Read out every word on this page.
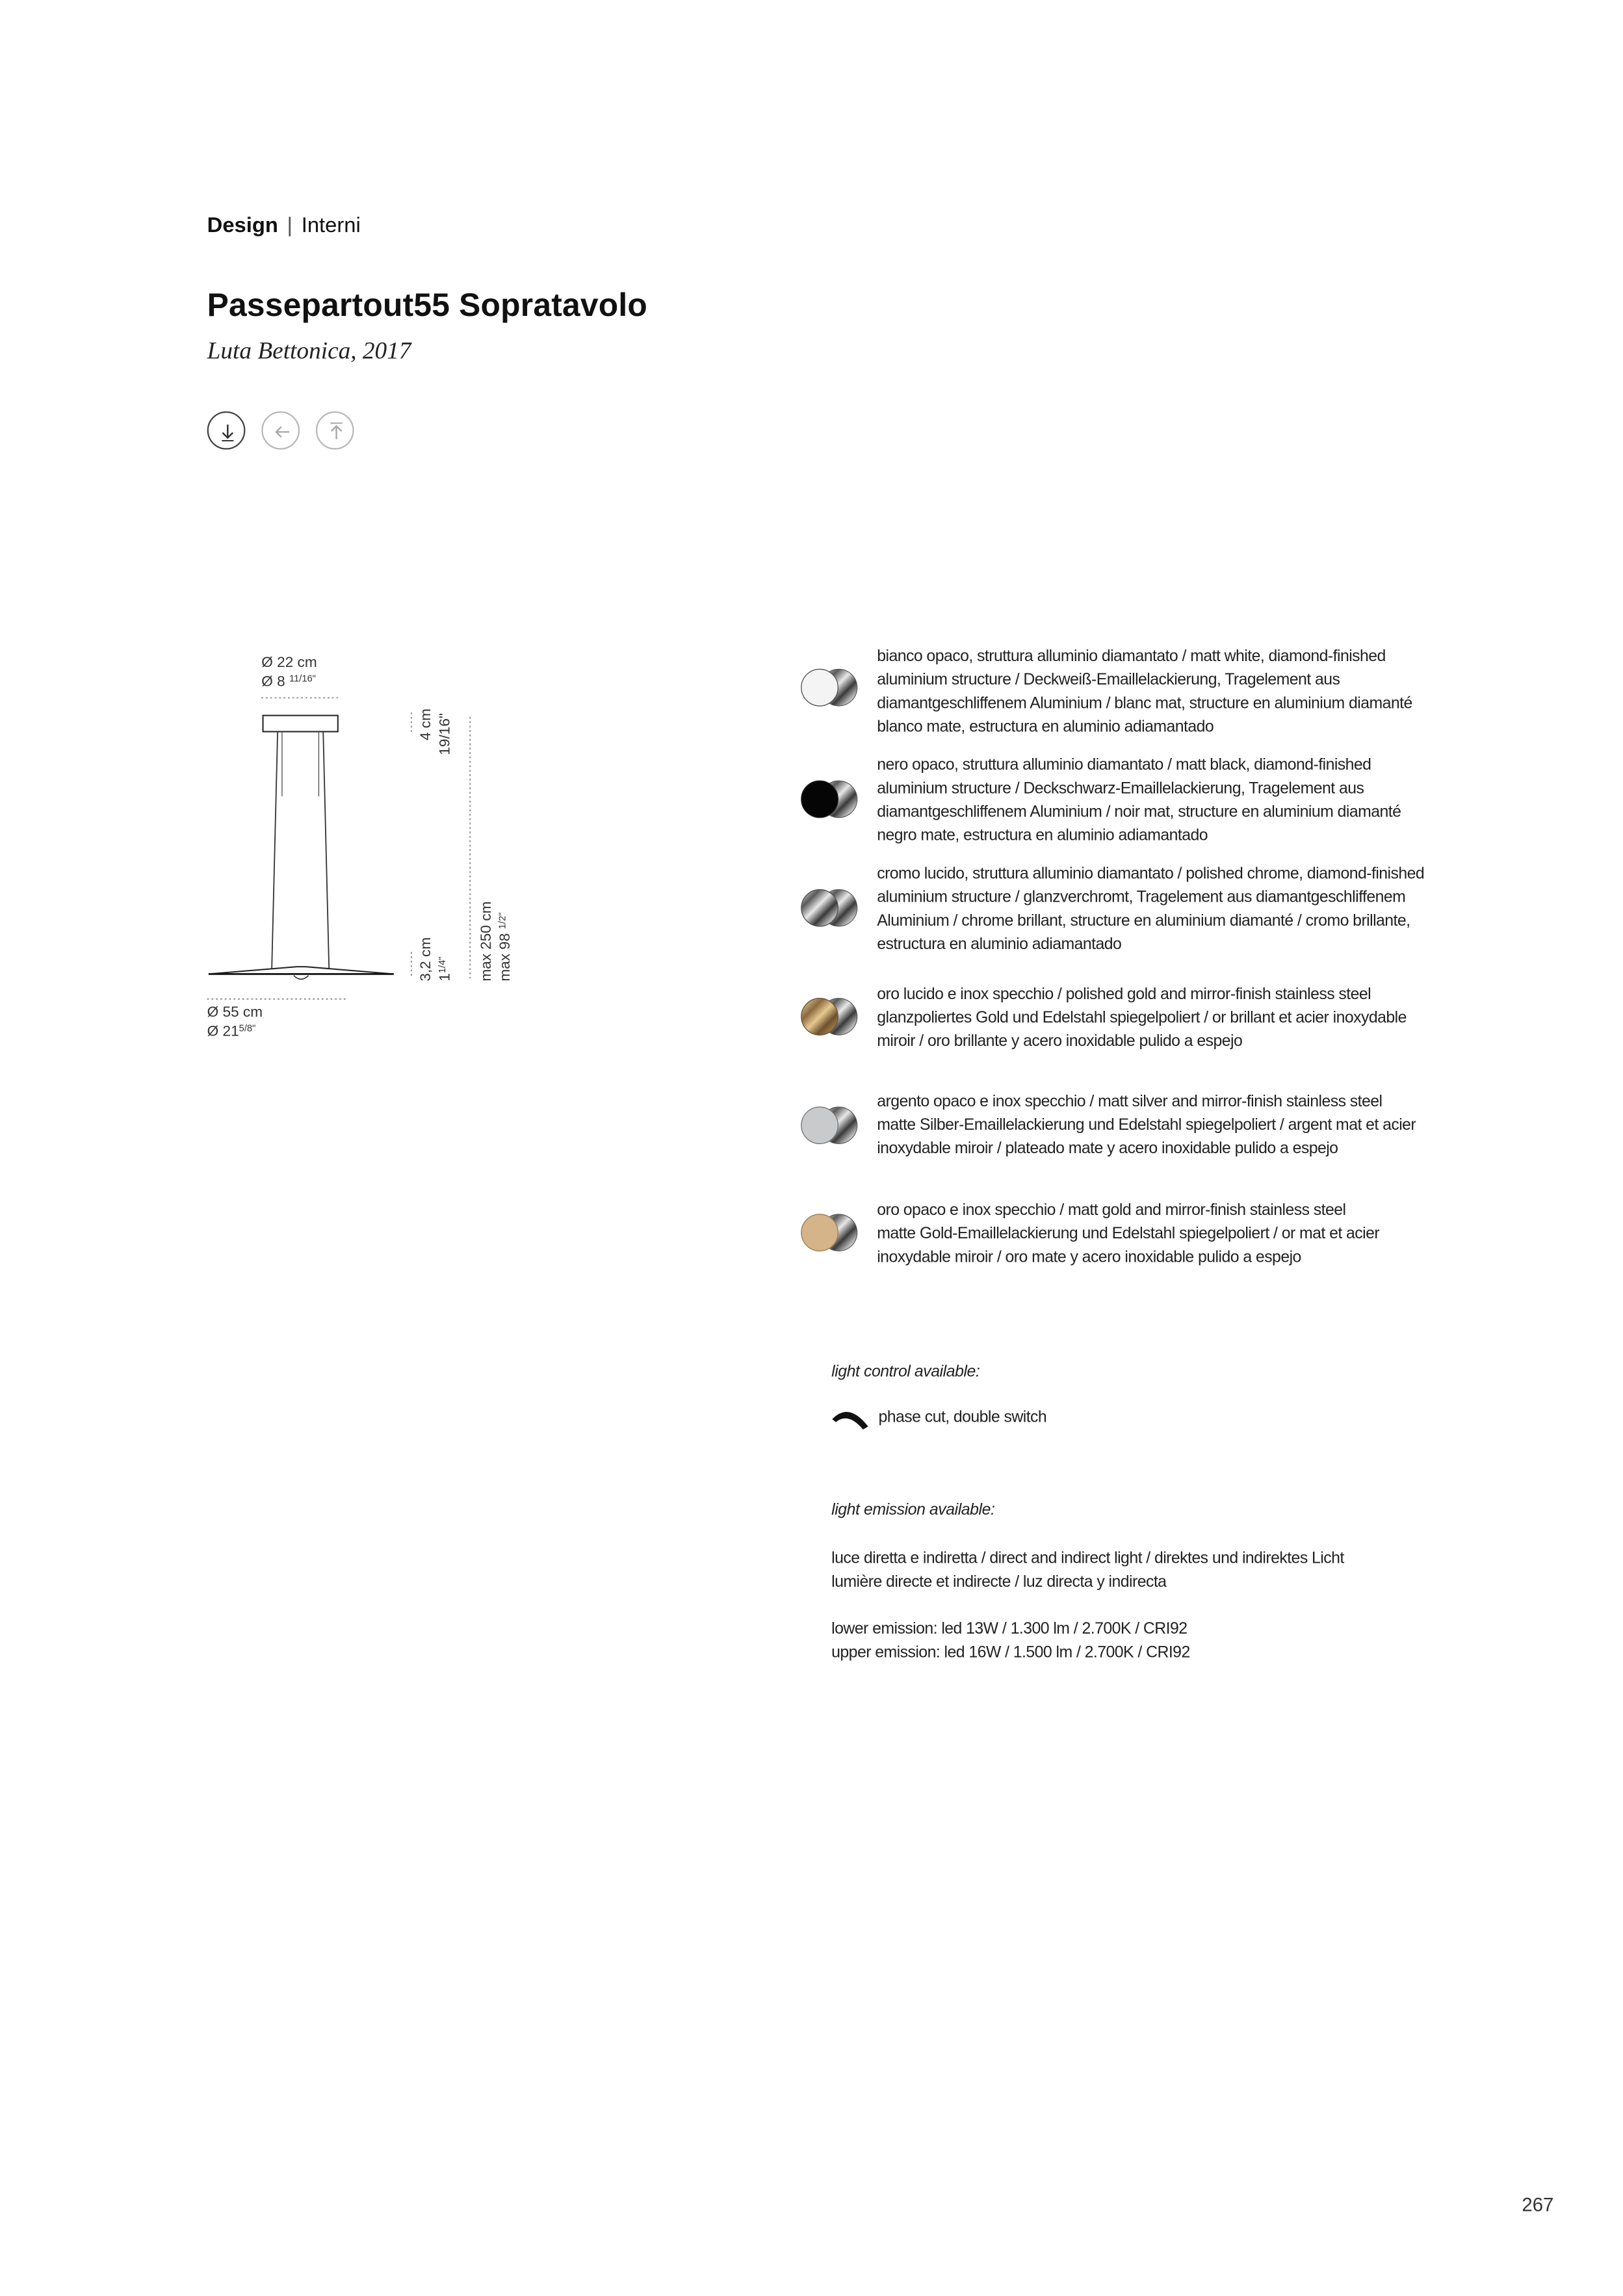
Design | Interni
Passepartout55 Sopratavolo
Luta Bettonica, 2017
Ø 22 cm
Ø 8 $^{11/16"}$
4 cm 19/16"
3,2 cm $1^{1/4"}$	max 250 cm max 98 $^{1/2"}$
Ø 55 cm
Ø $21^{5/8"}$
bianco opaco, struttura alluminio diamantato / matt white, diamond-finished
aluminium structure / Deckweiß-Emaillelackierung, Tragelement aus
diamantgeschliffenem Aluminium / blanc mat, structure en aluminium diamanté
blanco mate, estructura en aluminio adiamantado
nero opaco, struttura alluminio diamantato / matt black, diamond-finished
aluminium structure / Deckschwarz-Emaillelackierung, Tragelement aus
diamantgeschliffenem Aluminium / noir mat, structure en aluminium diamanté
negro mate, estructura en aluminio adiamantado
cromo lucido, struttura alluminio diamantato / polished chrome, diamond-finished
aluminium structure / glanzverchromt, Tragelement aus diamantgeschliffenem
Aluminium / chrome brillant, structure en aluminium diamanté / cromo brillante,
estructura en aluminio adiamantado
oro lucido e inox specchio / polished gold and mirror-finish stainless steel
glanzpoliertes Gold und Edelstahl spiegelpoliert / or brillant et acier inoxydable
miroir / oro brillante y acero inoxidable pulido a espejo
argento opaco e inox specchio / matt silver and mirror-finish stainless steel
matte Silber-Emaillelackierung und Edelstahl spiegelpoliert / argent mat et acier
inoxydable miroir / plateado mate y acero inoxidable pulido a espejo
oro opaco e inox specchio / matt gold and mirror-finish stainless steel
matte Gold-Emaillelackierung und Edelstahl spiegelpoliert / or mat et acier
inoxydable miroir / oro mate y acero inoxidable pulido a espejo
light control available:
phase cut, double switch
light emission available:
luce diretta e indiretta / direct and indirect light / direktes und indirektes Licht
lumière directe et indirecte / luz directa y indirecta
lower emission: led 13W / 1.300 lm / 2.700K / CRI92
upper emission: led 16W / 1.500 lm / 2.700K / CRI92
267
